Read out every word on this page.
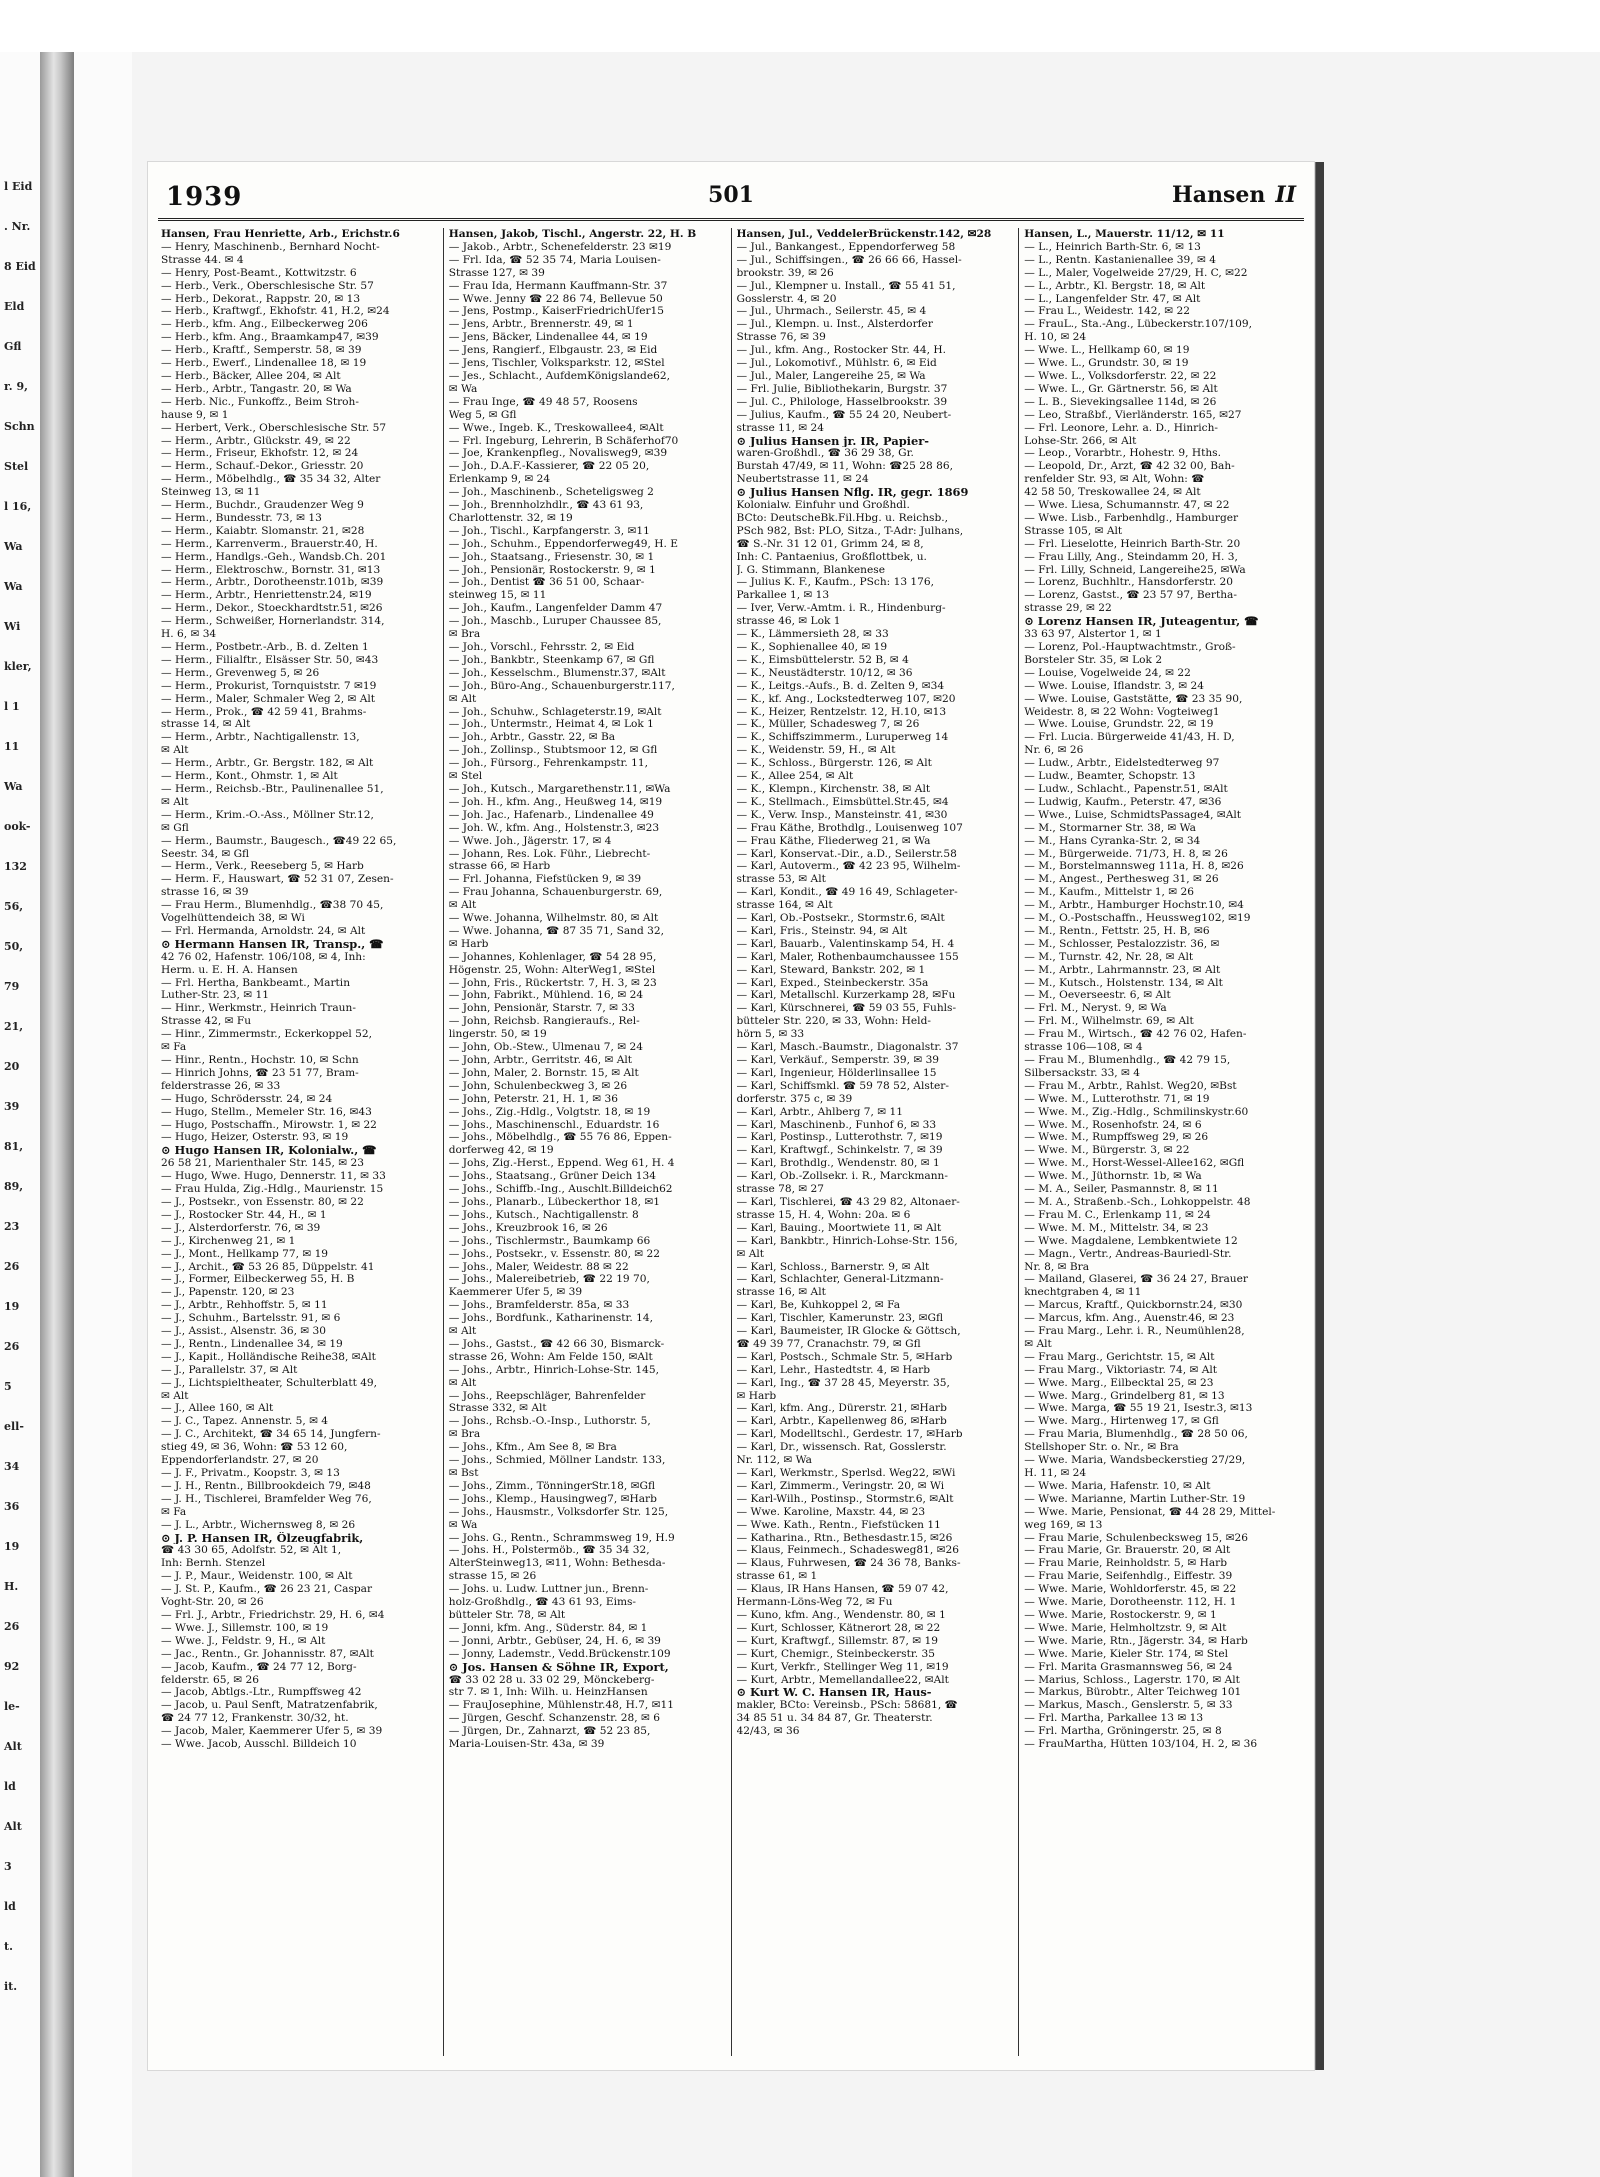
l Eid
. Nr.
8 Eid
Eld
Gfl
r. 9,
Schn
Stel
l 16,
Wa
Wa
Wi
kler,
l 1
11
Wa
ook-
132
56,
50,
79
21,
20
39
81,
89,
23
26
19
26
5
ell-
34
36
19
H.
26
92
le-
Alt
ld
Alt
3
ld
t.
it.
1939	501	Hansen II
Hansen, Frau Henriette, Arb., Erichstr.6
— Henry, Maschinenb., Bernhard Nocht-
Strasse 44. ✉ 4
— Henry, Post-Beamt., Kottwitzstr. 6
— Herb., Verk., Oberschlesische Str. 57
— Herb., Dekorat., Rappstr. 20, ✉ 13
— Herb., Kraftwgf., Ekhofstr. 41, H.2, ✉24
— Herb., kfm. Ang., Eilbeckerweg 206
— Herb., kfm. Ang., Braamkamp47, ✉39
— Herb., Kraftf., Semperstr. 58, ✉ 39
— Herb., Ewerf., Lindenallee 18, ✉ 19
— Herb., Bäcker, Allee 204, ✉ Alt
— Herb., Arbtr., Tangastr. 20, ✉ Wa
— Herb. Nic., Funkoffz., Beim Stroh-
hause 9, ✉ 1
— Herbert, Verk., Oberschlesische Str. 57
— Herm., Arbtr., Glückstr. 49, ✉ 22
— Herm., Friseur, Ekhofstr. 12, ✉ 24
— Herm., Schauf.-Dekor., Griesstr. 20
— Herm., Möbelhdlg., ☎ 35 34 32, Alter
Steinweg 13, ✉ 11
— Herm., Buchdr., Graudenzer Weg 9
— Herm., Bundesstr. 73, ✉ 13
— Herm., Kaiabtr. Slomanstr. 21, ✉28
— Herm., Karrenverm., Brauerstr.40, H.
— Herm., Handlgs.-Geh., Wandsb.Ch. 201
— Herm., Elektroschw., Bornstr. 31, ✉13
— Herm., Arbtr., Dorotheenstr.101b, ✉39
— Herm., Arbtr., Henriettenstr.24, ✉19
— Herm., Dekor., Stoeckhardtstr.51, ✉26
— Herm., Schweißer, Hornerlandstr. 314,
H. 6, ✉ 34
— Herm., Postbetr.-Arb., B. d. Zelten 1
— Herm., Filialftr., Elsässer Str. 50, ✉43
— Herm., Grevenweg 5, ✉ 26
— Herm., Prokurist, Tornquiststr. 7 ✉19
— Herm., Maler, Schmaler Weg 2, ✉ Alt
— Herm., Prok., ☎ 42 59 41, Brahms-
strasse 14, ✉ Alt
— Herm., Arbtr., Nachtigallenstr. 13,
✉ Alt
— Herm., Arbtr., Gr. Bergstr. 182, ✉ Alt
— Herm., Kont., Ohmstr. 1, ✉ Alt
— Herm., Reichsb.-Btr., Paulinenallee 51,
✉ Alt
— Herm., Krim.-O.-Ass., Möllner Str.12,
✉ Gfl
— Herm., Baumstr., Baugesch., ☎49 22 65,
Seestr. 34, ✉ Gfl
— Herm., Verk., Reeseberg 5, ✉ Harb
— Herm. F., Hauswart, ☎ 52 31 07, Zesen-
strasse 16, ✉ 39
— Frau Herm., Blumenhdlg., ☎38 70 45,
Vogelhüttendeich 38, ✉ Wi
— Frl. Hermanda, Arnoldstr. 24, ✉ Alt
⊙ Hermann Hansen IR, Transp., ☎
42 76 02, Hafenstr. 106/108, ✉ 4, Inh:
Herm. u. E. H. A. Hansen
— Frl. Hertha, Bankbeamt., Martin
Luther-Str. 23, ✉ 11
— Hinr., Werkmstr., Heinrich Traun-
Strasse 42, ✉ Fu
— Hinr., Zimmermstr., Eckerkoppel 52,
✉ Fa
— Hinr., Rentn., Hochstr. 10, ✉ Schn
— Hinrich Johns, ☎ 23 51 77, Bram-
felderstrasse 26, ✉ 33
— Hugo, Schrödersstr. 24, ✉ 24
— Hugo, Stellm., Memeler Str. 16, ✉43
— Hugo, Postschaffn., Mirowstr. 1, ✉ 22
— Hugo, Heizer, Osterstr. 93, ✉ 19
⊙ Hugo Hansen IR, Kolonialw., ☎
26 58 21, Marienthaler Str. 145, ✉ 23
— Hugo, Wwe. Hugo, Dennerstr. 11, ✉ 33
— Frau Hulda, Zig.-Hdlg., Maurienstr. 15
— J., Postsekr., von Essenstr. 80, ✉ 22
— J., Rostocker Str. 44, H., ✉ 1
— J., Alsterdorferstr. 76, ✉ 39
— J., Kirchenweg 21, ✉ 1
— J., Mont., Hellkamp 77, ✉ 19
— J., Archit., ☎ 53 26 85, Düppelstr. 41
— J., Former, Eilbeckerweg 55, H. B
— J., Papenstr. 120, ✉ 23
— J., Arbtr., Rehhoffstr. 5, ✉ 11
— J., Schuhm., Bartelsstr. 91, ✉ 6
— J., Assist., Alsenstr. 36, ✉ 30
— J., Rentn., Lindenallee 34, ✉ 19
— J., Kapit., Holländische Reihe38, ✉Alt
— J., Parallelstr. 37, ✉ Alt
— J., Lichtspieltheater, Schulterblatt 49,
✉ Alt
— J., Allee 160, ✉ Alt
— J. C., Tapez. Annenstr. 5, ✉ 4
— J. C., Architekt, ☎ 34 65 14, Jungfern-
stieg 49, ✉ 36, Wohn: ☎ 53 12 60,
Eppendorferlandstr. 27, ✉ 20
— J. F., Privatm., Koopstr. 3, ✉ 13
— J. H., Rentn., Billbrookdeich 79, ✉48
— J. H., Tischlerei, Bramfelder Weg 76,
✉ Fa
— J. L., Arbtr., Wichernsweg 8, ✉ 26
⊙ J. P. Hansen IR, Ölzeugfabrik,
☎ 43 30 65, Adolfstr. 52, ✉ Alt 1,
Inh: Bernh. Stenzel
— J. P., Maur., Weidenstr. 100, ✉ Alt
— J. St. P., Kaufm., ☎ 26 23 21, Caspar
Voght-Str. 20, ✉ 26
— Frl. J., Arbtr., Friedrichstr. 29, H. 6, ✉4
— Wwe. J., Sillemstr. 100, ✉ 19
— Wwe. J., Feldstr. 9, H., ✉ Alt
— Jac., Rentn., Gr. Johannisstr. 87, ✉Alt
— Jacob, Kaufm., ☎ 24 77 12, Borg-
felderstr. 65, ✉ 26
— Jacob, Abtlgs.-Ltr., Rumpffsweg 42
— Jacob, u. Paul Senft, Matratzenfabrik,
☎ 24 77 12, Frankenstr. 30/32, ht.
— Jacob, Maler, Kaemmerer Ufer 5, ✉ 39
— Wwe. Jacob, Ausschl. Billdeich 10
Hansen, Jakob, Tischl., Angerstr. 22, H. B
— Jakob., Arbtr., Schenefelderstr. 23 ✉19
— Frl. Ida, ☎ 52 35 74, Maria Louisen-
Strasse 127, ✉ 39
— Frau Ida, Hermann Kauffmann-Str. 37
— Wwe. Jenny ☎ 22 86 74, Bellevue 50
— Jens, Postmp., KaiserFriedrichUfer15
— Jens, Arbtr., Brennerstr. 49, ✉ 1
— Jens, Bäcker, Lindenallee 44, ✉ 19
— Jens, Rangierf., Elbgaustr. 23, ✉ Eid
— Jens, Tischler, Volksparkstr. 12, ✉Stel
— Jes., Schlacht., AufdemKönigslande62,
✉ Wa
— Frau Inge, ☎ 49 48 57, Roosens
Weg 5, ✉ Gfl
— Wwe., Ingeb. K., Treskowallee4, ✉Alt
— Frl. Ingeburg, Lehrerin, B Schäferhof70
— Joe, Krankenpfleg., Novalisweg9, ✉39
— Joh., D.A.F.-Kassierer, ☎ 22 05 20,
Erlenkamp 9, ✉ 24
— Joh., Maschinenb., Scheteligsweg 2
— Joh., Brennholzhdlr., ☎ 43 61 93,
Charlottenstr. 32, ✉ 19
— Joh., Tischl., Karpfangerstr. 3, ✉11
— Joh., Schuhm., Eppendorferweg49, H. E
— Joh., Staatsang., Friesenstr. 30, ✉ 1
— Joh., Pensionär, Rostockerstr. 9, ✉ 1
— Joh., Dentist ☎ 36 51 00, Schaar-
steinweg 15, ✉ 11
— Joh., Kaufm., Langenfelder Damm 47
— Joh., Maschb., Luruper Chaussee 85,
✉ Bra
— Joh., Vorschl., Fehrsstr. 2, ✉ Eid
— Joh., Bankbtr., Steenkamp 67, ✉ Gfl
— Joh., Kesselschm., Blumenstr.37, ✉Alt
— Joh., Büro-Ang., Schauenburgerstr.117,
✉ Alt
— Joh., Schuhw., Schlageterstr.19, ✉Alt
— Joh., Untermstr., Heimat 4, ✉ Lok 1
— Joh., Arbtr., Gasstr. 22, ✉ Ba
— Joh., Zollinsp., Stubtsmoor 12, ✉ Gfl
— Joh., Fürsorg., Fehrenkampstr. 11,
✉ Stel
— Joh., Kutsch., Margarethenstr.11, ✉Wa
— Joh. H., kfm. Ang., Heußweg 14, ✉19
— Joh. Jac., Hafenarb., Lindenallee 49
— Joh. W., kfm. Ang., Holstenstr.3, ✉23
— Wwe. Joh., Jägerstr. 17, ✉ 4
— Johann, Res. Lok. Führ., Liebrecht-
strasse 66, ✉ Harb
— Frl. Johanna, Fiefstücken 9, ✉ 39
— Frau Johanna, Schauenburgerstr. 69,
✉ Alt
— Wwe. Johanna, Wilhelmstr. 80, ✉ Alt
— Wwe. Johanna, ☎ 87 35 71, Sand 32,
✉ Harb
— Johannes, Kohlenlager, ☎ 54 28 95,
Högenstr. 25, Wohn: AlterWeg1, ✉Stel
— John, Fris., Rückertstr. 7, H. 3, ✉ 23
— John, Fabrikt., Mühlend. 16, ✉ 24
— John, Pensionär, Starstr. 7, ✉ 33
— John, Reichsb. Rangieraufs., Rel-
lingerstr. 50, ✉ 19
— John, Ob.-Stew., Ulmenau 7, ✉ 24
— John, Arbtr., Gerritstr. 46, ✉ Alt
— John, Maler, 2. Bornstr. 15, ✉ Alt
— John, Schulenbeckweg 3, ✉ 26
— John, Peterstr. 21, H. 1, ✉ 36
— Johs., Zig.-Hdlg., Volgtstr. 18, ✉ 19
— Johs., Maschinenschl., Eduardstr. 16
— Johs., Möbelhdlg., ☎ 55 76 86, Eppen-
dorferweg 42, ✉ 19
— Johs, Zig.-Herst., Eppend. Weg 61, H. 4
— Johs., Staatsang., Grüner Deich 134
— Johs., Schiffb.-Ing., Auschlt.Billdeich62
— Johs., Planarb., Lübeckerthor 18, ✉1
— Johs., Kutsch., Nachtigallenstr. 8
— Johs., Kreuzbrook 16, ✉ 26
— Johs., Tischlermstr., Baumkamp 66
— Johs., Postsekr., v. Essenstr. 80, ✉ 22
— Johs., Maler, Weidestr. 88 ✉ 22
— Johs., Malereibetrieb, ☎ 22 19 70,
Kaemmerer Ufer 5, ✉ 39
— Johs., Bramfelderstr. 85a, ✉ 33
— Johs., Bordfunk., Katharinenstr. 14,
✉ Alt
— Johs., Gastst., ☎ 42 66 30, Bismarck-
strasse 26, Wohn: Am Felde 150, ✉Alt
— Johs., Arbtr., Hinrich-Lohse-Str. 145,
✉ Alt
— Johs., Reepschläger, Bahrenfelder
Strasse 332, ✉ Alt
— Johs., Rchsb.-O.-Insp., Luthorstr. 5,
✉ Bra
— Johs., Kfm., Am See 8, ✉ Bra
— Johs., Schmied, Möllner Landstr. 133,
✉ Bst
— Johs., Zimm., TönningerStr.18, ✉Gfl
— Johs., Klemp., Hausingweg7, ✉Harb
— Johs., Hausmstr., Volksdorfer Str. 125,
✉ Wa
— Johs. G., Rentn., Schrammsweg 19, H.9
— Johs. H., Polstermöb., ☎ 35 34 32,
AlterSteinweg13, ✉11, Wohn: Bethesda-
strasse 15, ✉ 26
— Johs. u. Ludw. Luttner jun., Brenn-
holz-Großhdlg., ☎ 43 61 93, Eims-
bütteler Str. 78, ✉ Alt
— Jonni, kfm. Ang., Süderstr. 84, ✉ 1
— Jonni, Arbtr., Gebüser, 24, H. 6, ✉ 39
— Jonny, Lademstr., Vedd.Brückenstr.109
⊙ Jos. Hansen & Söhne IR, Export,
☎ 33 02 28 u. 33 02 29, Mönckeberg-
str 7. ✉ 1, Inh: Wilh. u. HeinzHansen
— FrauJosephine, Mühlenstr.48, H.7, ✉11
— Jürgen, Geschf. Schanzenstr. 28, ✉ 6
— Jürgen, Dr., Zahnarzt, ☎ 52 23 85,
Maria-Louisen-Str. 43a, ✉ 39
Hansen, Jul., VeddelerBrückenstr.142, ✉28
— Jul., Bankangest., Eppendorferweg 58
— Jul., Schiffsingen., ☎ 26 66 66, Hassel-
brookstr. 39, ✉ 26
— Jul., Klempner u. Install., ☎ 55 41 51,
Gosslerstr. 4, ✉ 20
— Jul., Uhrmach., Seilerstr. 45, ✉ 4
— Jul., Klempn. u. Inst., Alsterdorfer
Strasse 76, ✉ 39
— Jul., kfm. Ang., Rostocker Str. 44, H.
— Jul., Lokomotivf., Mühlstr. 6, ✉ Eid
— Jul., Maler, Langereihe 25, ✉ Wa
— Frl. Julie, Bibliothekarin, Burgstr. 37
— Jul. C., Philologe, Hasselbrookstr. 39
— Julius, Kaufm., ☎ 55 24 20, Neubert-
strasse 11, ✉ 24
⊙ Julius Hansen jr. IR, Papier-
waren-Großhdl., ☎ 36 29 38, Gr.
Burstah 47/49, ✉ 11, Wohn: ☎25 28 86,
Neubertstrasse 11, ✉ 24
⊙ Julius Hansen Nflg. IR, gegr. 1869
Kolonialw. Einfuhr und Großhdl.
BCto: DeutscheBk.Fil.Hbg. u. Reichsb.,
PSch 982, Bst: PLO, Sitza., T-Adr: Julhans,
☎ S.-Nr. 31 12 01, Grimm 24, ✉ 8,
Inh: C. Pantaenius, Großflottbek, u.
J. G. Stimmann, Blankenese
— Julius K. F., Kaufm., PSch: 13 176,
Parkallee 1, ✉ 13
— Iver, Verw.-Amtm. i. R., Hindenburg-
strasse 46, ✉ Lok 1
— K., Lämmersieth 28, ✉ 33
— K., Sophienallee 40, ✉ 19
— K., Eimsbüttelerstr. 52 B, ✉ 4
— K., Neustädterstr. 10/12, ✉ 36
— K., Leitgs.-Aufs., B. d. Zelten 9, ✉34
— K., kf. Ang., Lockstedterweg 107, ✉20
— K., Heizer, Rentzelstr. 12, H.10, ✉13
— K., Müller, Schadesweg 7, ✉ 26
— K., Schiffszimmerm., Luruperweg 14
— K., Weidenstr. 59, H., ✉ Alt
— K., Schloss., Bürgerstr. 126, ✉ Alt
— K., Allee 254, ✉ Alt
— K., Klempn., Kirchenstr. 38, ✉ Alt
— K., Stellmach., Eimsbüttel.Str.45, ✉4
— K., Verw. Insp., Mansteinstr. 41, ✉30
— Frau Käthe, Brothdlg., Louisenweg 107
— Frau Käthe, Fliederweg 21, ✉ Wa
— Karl, Konservat.-Dir., a.D., Seilerstr.58
— Karl, Autoverm., ☎ 42 23 95, Wilhelm-
strasse 53, ✉ Alt
— Karl, Kondit., ☎ 49 16 49, Schlageter-
strasse 164, ✉ Alt
— Karl, Ob.-Postsekr., Stormstr.6, ✉Alt
— Karl, Fris., Steinstr. 94, ✉ Alt
— Karl, Bauarb., Valentinskamp 54, H. 4
— Karl, Maler, Rothenbaumchaussee 155
— Karl, Steward, Bankstr. 202, ✉ 1
— Karl, Exped., Steinbeckerstr. 35a
— Karl, Metallschl. Kurzerkamp 28, ✉Fu
— Karl, Kürschnerei, ☎ 59 03 55, Fuhls-
bütteler Str. 220, ✉ 33, Wohn: Held-
hörn 5, ✉ 33
— Karl, Masch.-Baumstr., Diagonalstr. 37
— Karl, Verkäuf., Semperstr. 39, ✉ 39
— Karl, Ingenieur, Hölderlinsallee 15
— Karl, Schiffsmkl. ☎ 59 78 52, Alster-
dorferstr. 375 c, ✉ 39
— Karl, Arbtr., Ahlberg 7, ✉ 11
— Karl, Maschinenb., Funhof 6, ✉ 33
— Karl, Postinsp., Lutterothstr. 7, ✉19
— Karl, Kraftwgf., Schinkelstr. 7, ✉ 39
— Karl, Brothdlg., Wendenstr. 80, ✉ 1
— Karl, Ob.-Zollsekr. i. R., Marckmann-
strasse 78, ✉ 27
— Karl, Tischlerei, ☎ 43 29 82, Altonaer-
strasse 15, H. 4, Wohn: 20a. ✉ 6
— Karl, Bauing., Moortwiete 11, ✉ Alt
— Karl, Bankbtr., Hinrich-Lohse-Str. 156,
✉ Alt
— Karl, Schloss., Barnerstr. 9, ✉ Alt
— Karl, Schlachter, General-Litzmann-
strasse 16, ✉ Alt
— Karl, Be, Kuhkoppel 2, ✉ Fa
— Karl, Tischler, Kamerunstr. 23, ✉Gfl
— Karl, Baumeister, IR Glocke & Göttsch,
☎ 49 39 77, Cranachstr. 79, ✉ Gfl
— Karl, Postsch., Schmale Str. 5, ✉Harb
— Karl, Lehr., Hastedtstr. 4, ✉ Harb
— Karl, Ing., ☎ 37 28 45, Meyerstr. 35,
✉ Harb
— Karl, kfm. Ang., Dürerstr. 21, ✉Harb
— Karl, Arbtr., Kapellenweg 86, ✉Harb
— Karl, Modelltschl., Gerdestr. 17, ✉Harb
— Karl, Dr., wissensch. Rat, Gosslerstr.
Nr. 112, ✉ Wa
— Karl, Werkmstr., Sperlsd. Weg22, ✉Wi
— Karl, Zimmerm., Veringstr. 20, ✉ Wi
— Karl-Wilh., Postinsp., Stormstr.6, ✉Alt
— Wwe. Karoline, Maxstr. 44, ✉ 23
— Wwe. Kath., Rentn., Fiefstücken 11
— Katharina., Rtn., Bethesdastr.15, ✉26
— Klaus, Feinmech., Schadesweg81, ✉26
— Klaus, Fuhrwesen, ☎ 24 36 78, Banks-
strasse 61, ✉ 1
— Klaus, IR Hans Hansen, ☎ 59 07 42,
Hermann-Löns-Weg 72, ✉ Fu
— Kuno, kfm. Ang., Wendenstr. 80, ✉ 1
— Kurt, Schlosser, Kätnerort 28, ✉ 22
— Kurt, Kraftwgf., Sillemstr. 87, ✉ 19
— Kurt, Chemigr., Steinbeckerstr. 35
— Kurt, Verkfr., Stellinger Weg 11, ✉19
— Kurt, Arbtr., Memellandallee22, ✉Alt
⊙ Kurt W. C. Hansen IR, Haus-
makler, BCto: Vereinsb., PSch: 58681, ☎
34 85 51 u. 34 84 87, Gr. Theaterstr.
42/43, ✉ 36
Hansen, L., Mauerstr. 11/12, ✉ 11
— L., Heinrich Barth-Str. 6, ✉ 13
— L., Rentn. Kastanienallee 39, ✉ 4
— L., Maler, Vogelweide 27/29, H. C, ✉22
— L., Arbtr., Kl. Bergstr. 18, ✉ Alt
— L., Langenfelder Str. 47, ✉ Alt
— Frau L., Weidestr. 142, ✉ 22
— FrauL., Sta.-Ang., Lübeckerstr.107/109,
H. 10, ✉ 24
— Wwe. L., Hellkamp 60, ✉ 19
— Wwe. L., Grundstr. 30, ✉ 19
— Wwe. L., Volksdorferstr. 22, ✉ 22
— Wwe. L., Gr. Gärtnerstr. 56, ✉ Alt
— L. B., Sievekingsallee 114d, ✉ 26
— Leo, Straßbf., Vierländerstr. 165, ✉27
— Frl. Leonore, Lehr. a. D., Hinrich-
Lohse-Str. 266, ✉ Alt
— Leop., Vorarbtr., Hohestr. 9, Hths.
— Leopold, Dr., Arzt, ☎ 42 32 00, Bah-
renfelder Str. 93, ✉ Alt, Wohn: ☎
42 58 50, Treskowallee 24, ✉ Alt
— Wwe. Liesa, Schumannstr. 47, ✉ 22
— Wwe. Lisb., Farbenhdlg., Hamburger
Strasse 105, ✉ Alt
— Frl. Lieselotte, Heinrich Barth-Str. 20
— Frau Lilly, Ang., Steindamm 20, H. 3,
— Frl. Lilly, Schneid, Langereihe25, ✉Wa
— Lorenz, Buchhltr., Hansdorferstr. 20
— Lorenz, Gastst., ☎ 23 57 97, Bertha-
strasse 29, ✉ 22
⊙ Lorenz Hansen IR, Juteagentur, ☎
33 63 97, Alstertor 1, ✉ 1
— Lorenz, Pol.-Hauptwachtmstr., Groß-
Borsteler Str. 35, ✉ Lok 2
— Louise, Vogelweide 24, ✉ 22
— Wwe. Louise, Iflandstr. 3, ✉ 24
— Wwe. Louise, Gaststätte, ☎ 23 35 90,
Weidestr. 8, ✉ 22 Wohn: Vogteiweg1
— Wwe. Louise, Grundstr. 22, ✉ 19
— Frl. Lucia. Bürgerweide 41/43, H. D,
Nr. 6, ✉ 26
— Ludw., Arbtr., Eidelstedterweg 97
— Ludw., Beamter, Schopstr. 13
— Ludw., Schlacht., Papenstr.51, ✉Alt
— Ludwig, Kaufm., Peterstr. 47, ✉36
— Wwe., Luise, SchmidtsPassage4, ✉Alt
— M., Stormarner Str. 38, ✉ Wa
— M., Hans Cyranka-Str. 2, ✉ 34
— M., Bürgerweide. 71/73, H. 8, ✉ 26
— M., Borstelmannsweg 111a, H. 8, ✉26
— M., Angest., Perthesweg 31, ✉ 26
— M., Kaufm., Mittelstr 1, ✉ 26
— M., Arbtr., Hamburger Hochstr.10, ✉4
— M., O.-Postschaffn., Heussweg102, ✉19
— M., Rentn., Fettstr. 25, H. B, ✉6
— M., Schlosser, Pestalozzistr. 36, ✉
— M., Turnstr. 42, Nr. 28, ✉ Alt
— M., Arbtr., Lahrmannstr. 23, ✉ Alt
— M., Kutsch., Holstenstr. 134, ✉ Alt
— M., Oeverseestr. 6, ✉ Alt
— Frl. M., Neryst. 9, ✉ Wa
— Frl. M., Wilhelmstr. 69, ✉ Alt
— Frau M., Wirtsch., ☎ 42 76 02, Hafen-
strasse 106—108, ✉ 4
— Frau M., Blumenhdlg., ☎ 42 79 15,
Silbersackstr. 33, ✉ 4
— Frau M., Arbtr., Rahlst. Weg20, ✉Bst
— Wwe. M., Lutterothstr. 71, ✉ 19
— Wwe. M., Zig.-Hdlg., Schmilinskystr.60
— Wwe. M., Rosenhofstr. 24, ✉ 6
— Wwe. M., Rumpffsweg 29, ✉ 26
— Wwe. M., Bürgerstr. 3, ✉ 22
— Wwe. M., Horst-Wessel-Allee162, ✉Gfl
— Wwe. M., Jüthornstr. 1b, ✉ Wa
— M. A., Seiler, Pasmannstr. 8, ✉ 11
— M. A., Straßenb.-Sch., Lohkoppelstr. 48
— Frau M. C., Erlenkamp 11, ✉ 24
— Wwe. M. M., Mittelstr. 34, ✉ 23
— Wwe. Magdalene, Lembkentwiete 12
— Magn., Vertr., Andreas-Bauriedl-Str.
Nr. 8, ✉ Bra
— Mailand, Glaserei, ☎ 36 24 27, Brauer
knechtgraben 4, ✉ 11
— Marcus, Kraftf., Quickbornstr.24, ✉30
— Marcus, kfm. Ang., Auenstr.46, ✉ 23
— Frau Marg., Lehr. i. R., Neumühlen28,
✉ Alt
— Frau Marg., Gerichtstr. 15, ✉ Alt
— Frau Marg., Viktoriastr. 74, ✉ Alt
— Wwe. Marg., Eilbecktal 25, ✉ 23
— Wwe. Marg., Grindelberg 81, ✉ 13
— Wwe. Marga, ☎ 55 19 21, Isestr.3, ✉13
— Wwe. Marg., Hirtenweg 17, ✉ Gfl
— Frau Maria, Blumenhdlg., ☎ 28 50 06,
Stellshoper Str. o. Nr., ✉ Bra
— Wwe. Maria, Wandsbeckerstieg 27/29,
H. 11, ✉ 24
— Wwe. Maria, Hafenstr. 10, ✉ Alt
— Wwe. Marianne, Martin Luther-Str. 19
— Wwe. Marie, Pensionat, ☎ 44 28 29, Mittel-
weg 169, ✉ 13
— Frau Marie, Schulenbecksweg 15, ✉26
— Frau Marie, Gr. Brauerstr. 20, ✉ Alt
— Frau Marie, Reinholdstr. 5, ✉ Harb
— Frau Marie, Seifenhdlg., Eiffestr. 39
— Wwe. Marie, Wohldorferstr. 45, ✉ 22
— Wwe. Marie, Dorotheenstr. 112, H. 1
— Wwe. Marie, Rostockerstr. 9, ✉ 1
— Wwe. Marie, Helmholtzstr. 9, ✉ Alt
— Wwe. Marie, Rtn., Jägerstr. 34, ✉ Harb
— Wwe. Marie, Kieler Str. 174, ✉ Stel
— Frl. Marita Grasmannsweg 56, ✉ 24
— Marius, Schloss., Lagerstr. 170, ✉ Alt
— Markus, Bürobtr., Alter Teichweg 101
— Markus, Masch., Genslerstr. 5, ✉ 33
— Frl. Martha, Parkallee 13 ✉ 13
— Frl. Martha, Gröningerstr. 25, ✉ 8
— FrauMartha, Hütten 103/104, H. 2, ✉ 36
